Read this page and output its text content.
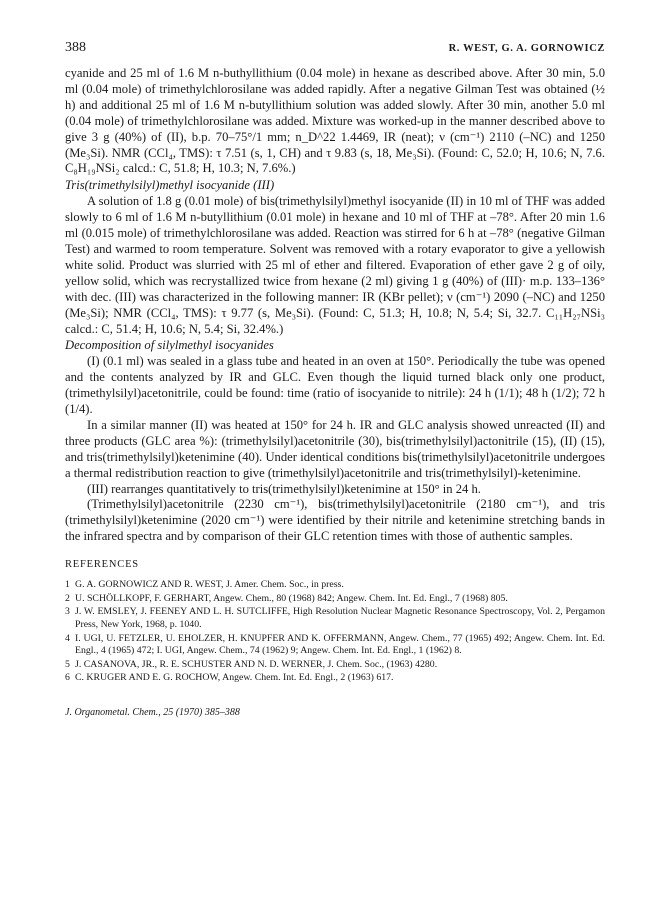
388	R. WEST, G. A. GORNOWICZ

cyanide and 25 ml of 1.6 M n-buthyllithium (0.04 mole) in hexane as described above. After 30 min, 5.0 ml (0.04 mole) of trimethylchlorosilane was added rapidly. After a negative Gilman Test was obtained (½ h) and additional 25 ml of 1.6 M n-butyllithium solution was added slowly. After 30 min, another 5.0 ml (0.04 mole) of trimethylchlorosilane was added. Mixture was worked-up in the manner described above to give 3 g (40%) of (II), b.p. 70–75°/1 mm; n_D^22 1.4469, IR (neat); ν (cm⁻¹) 2110 (–NC) and 1250 (Me₃Si). NMR (CCl₄, TMS): τ 7.51 (s, 1, CH) and τ 9.83 (s, 18, Me₃Si). (Found: C, 52.0; H, 10.6; N, 7.6. C₈H₁₉NSi₂ calcd.: C, 51.8; H, 10.3; N, 7.6%.)

Tris(trimethylsilyl)methyl isocyanide (III)

A solution of 1.8 g (0.01 mole) of bis(trimethylsilyl)methyl isocyanide (II) in 10 ml of THF was added slowly to 6 ml of 1.6 M n-butyllithium (0.01 mole) in hexane and 10 ml of THF at –78°. After 20 min 1.6 ml (0.015 mole) of trimethylchlorosilane was added. Reaction was stirred for 6 h at –78° (negative Gilman Test) and warmed to room temperature. Solvent was removed with a rotary evaporator to give a yellowish white solid. Product was slurried with 25 ml of ether and filtered. Evaporation of ether gave 2 g of oily, yellow solid, which was recrystallized twice from hexane (2 ml) giving 1 g (40%) of (III)· m.p. 133–136° with dec. (III) was characterized in the following manner: IR (KBr pellet); ν (cm⁻¹) 2090 (–NC) and 1250 (Me₃Si); NMR (CCl₄, TMS): τ 9.77 (s, Me₃Si). (Found: C, 51.3; H, 10.8; N, 5.4; Si, 32.7. C₁₁H₂₇NSi₃ calcd.: C, 51.4; H, 10.6; N, 5.4; Si, 32.4%.)

Decomposition of silylmethyl isocyanides

(I) (0.1 ml) was sealed in a glass tube and heated in an oven at 150°. Periodically the tube was opened and the contents analyzed by IR and GLC. Even though the liquid turned black only one product, (trimethylsilyl)acetonitrile, could be found: time (ratio of isocyanide to nitrile): 24 h (1/1); 48 h (1/2); 72 h (1/4).

In a similar manner (II) was heated at 150° for 24 h. IR and GLC analysis showed unreacted (II) and three products (GLC area %): (trimethylsilyl)acetonitrile (30), bis(trimethylsilyl)actonitrile (15), (II) (15), and tris(trimethylsilyl)ketenimine (40). Under identical conditions bis(trimethylsilyl)acetonitrile undergoes a thermal redistribution reaction to give (trimethylsilyl)acetonitrile and tris(trimethylsilyl)-ketenimine.

(III) rearranges quantitatively to tris(trimethylsilyl)ketenimine at 150° in 24 h.

(Trimethylsilyl)acetonitrile (2230 cm⁻¹), bis(trimethylsilyl)acetonitrile (2180 cm⁻¹), and tris (trimethylsilyl)ketenimine (2020 cm⁻¹) were identified by their nitrile and ketenimine stretching bands in the infrared spectra and by comparison of their GLC retention times with those of authentic samples.

REFERENCES
1 G. A. GORNOWICZ AND R. WEST, J. Amer. Chem. Soc., in press.
2 U. SCHÖLLKOPF, F. GERHART, Angew. Chem., 80 (1968) 842; Angew. Chem. Int. Ed. Engl., 7 (1968) 805.
3 J. W. EMSLEY, J. FEENEY AND L. H. SUTCLIFFE, High Resolution Nuclear Magnetic Resonance Spectroscopy, Vol. 2, Pergamon Press, New York, 1968, p. 1040.
4 I. UGI, U. FETZLER, U. EHOLZER, H. KNUPFER AND K. OFFERMANN, Angew. Chem., 77 (1965) 492; Angew. Chem. Int. Ed. Engl., 4 (1965) 472; I. UGI, Angew. Chem., 74 (1962) 9; Angew. Chem. Int. Ed. Engl., 1 (1962) 8.
5 J. CASANOVA, JR., R. E. SCHUSTER AND N. D. WERNER, J. Chem. Soc., (1963) 4280.
6 C. KRUGER AND E. G. ROCHOW, Angew. Chem. Int. Ed. Engl., 2 (1963) 617.
J. Organometal. Chem., 25 (1970) 385–388
